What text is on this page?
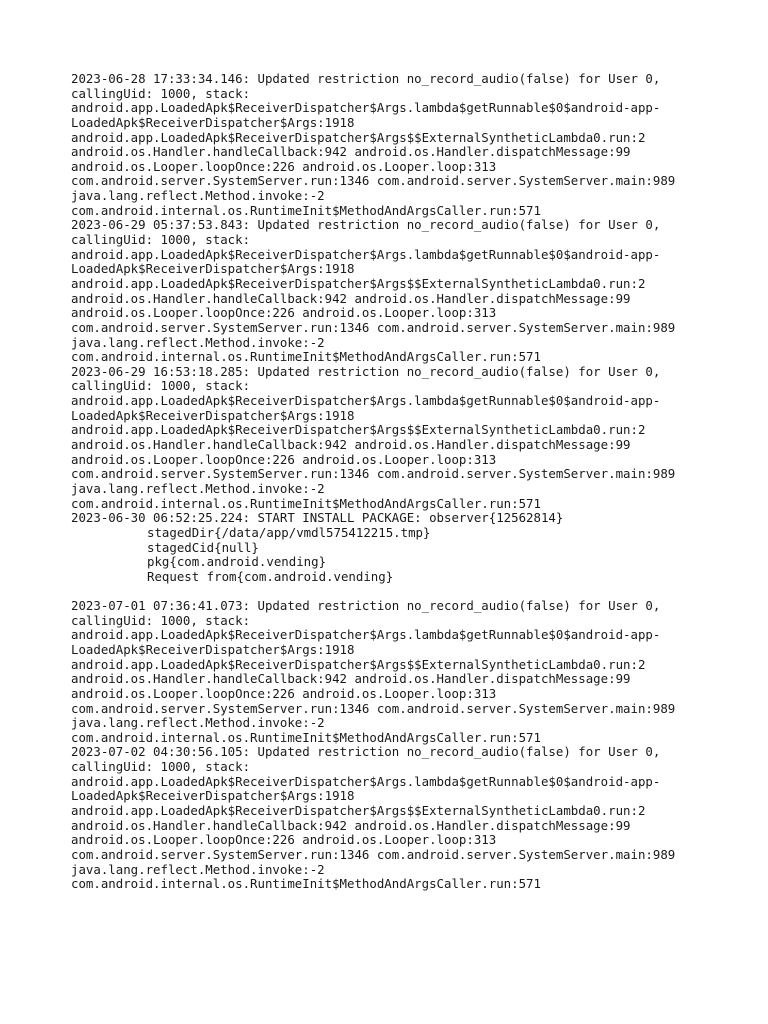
2023-06-28 17:33:34.146: Updated restriction no_record_audio(false) for User 0,
callingUid: 1000, stack:
android.app.LoadedApk$ReceiverDispatcher$Args.lambda$getRunnable$0$android-app-
LoadedApk$ReceiverDispatcher$Args:1918
android.app.LoadedApk$ReceiverDispatcher$Args$$ExternalSyntheticLambda0.run:2
android.os.Handler.handleCallback:942 android.os.Handler.dispatchMessage:99
android.os.Looper.loopOnce:226 android.os.Looper.loop:313
com.android.server.SystemServer.run:1346 com.android.server.SystemServer.main:989
java.lang.reflect.Method.invoke:-2
com.android.internal.os.RuntimeInit$MethodAndArgsCaller.run:571
2023-06-29 05:37:53.843: Updated restriction no_record_audio(false) for User 0,
callingUid: 1000, stack:
android.app.LoadedApk$ReceiverDispatcher$Args.lambda$getRunnable$0$android-app-
LoadedApk$ReceiverDispatcher$Args:1918
android.app.LoadedApk$ReceiverDispatcher$Args$$ExternalSyntheticLambda0.run:2
android.os.Handler.handleCallback:942 android.os.Handler.dispatchMessage:99
android.os.Looper.loopOnce:226 android.os.Looper.loop:313
com.android.server.SystemServer.run:1346 com.android.server.SystemServer.main:989
java.lang.reflect.Method.invoke:-2
com.android.internal.os.RuntimeInit$MethodAndArgsCaller.run:571
2023-06-29 16:53:18.285: Updated restriction no_record_audio(false) for User 0,
callingUid: 1000, stack:
android.app.LoadedApk$ReceiverDispatcher$Args.lambda$getRunnable$0$android-app-
LoadedApk$ReceiverDispatcher$Args:1918
android.app.LoadedApk$ReceiverDispatcher$Args$$ExternalSyntheticLambda0.run:2
android.os.Handler.handleCallback:942 android.os.Handler.dispatchMessage:99
android.os.Looper.loopOnce:226 android.os.Looper.loop:313
com.android.server.SystemServer.run:1346 com.android.server.SystemServer.main:989
java.lang.reflect.Method.invoke:-2
com.android.internal.os.RuntimeInit$MethodAndArgsCaller.run:571
2023-06-30 06:52:25.224: START INSTALL PACKAGE: observer{12562814}
stagedDir{/data/app/vmdl575412215.tmp}
stagedCid{null}
pkg{com.android.vending}
Request from{com.android.vending}
2023-07-01 07:36:41.073: Updated restriction no_record_audio(false) for User 0,
callingUid: 1000, stack:
android.app.LoadedApk$ReceiverDispatcher$Args.lambda$getRunnable$0$android-app-
LoadedApk$ReceiverDispatcher$Args:1918
android.app.LoadedApk$ReceiverDispatcher$Args$$ExternalSyntheticLambda0.run:2
android.os.Handler.handleCallback:942 android.os.Handler.dispatchMessage:99
android.os.Looper.loopOnce:226 android.os.Looper.loop:313
com.android.server.SystemServer.run:1346 com.android.server.SystemServer.main:989
java.lang.reflect.Method.invoke:-2
com.android.internal.os.RuntimeInit$MethodAndArgsCaller.run:571
2023-07-02 04:30:56.105: Updated restriction no_record_audio(false) for User 0,
callingUid: 1000, stack:
android.app.LoadedApk$ReceiverDispatcher$Args.lambda$getRunnable$0$android-app-
LoadedApk$ReceiverDispatcher$Args:1918
android.app.LoadedApk$ReceiverDispatcher$Args$$ExternalSyntheticLambda0.run:2
android.os.Handler.handleCallback:942 android.os.Handler.dispatchMessage:99
android.os.Looper.loopOnce:226 android.os.Looper.loop:313
com.android.server.SystemServer.run:1346 com.android.server.SystemServer.main:989
java.lang.reflect.Method.invoke:-2
com.android.internal.os.RuntimeInit$MethodAndArgsCaller.run:571
